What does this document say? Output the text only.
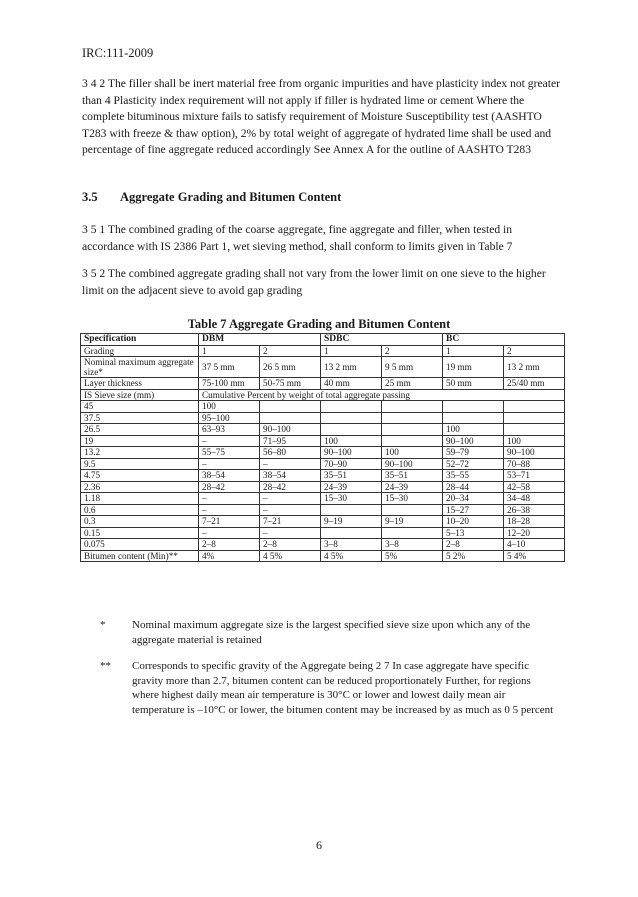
IRC:111-2009
3 4 2 The filler shall be inert material free from organic impurities and have plasticity index not greater than 4 Plasticity index requirement will not apply if filler is hydrated lime or cement Where the complete bituminous mixture fails to satisfy requirement of Moisture Susceptibility test (AASHTO T283 with freeze & thaw option), 2% by total weight of aggregate of hydrated lime shall be used and percentage of fine aggregate reduced accordingly See Annex A for the outline of AASHTO T283
3.5 Aggregate Grading and Bitumen Content
3 5 1 The combined grading of the coarse aggregate, fine aggregate and filler, when tested in accordance with IS 2386 Part 1, wet sieving method, shall conform to limits given in Table 7
3 5 2 The combined aggregate grading shall not vary from the lower limit on one sieve to the higher limit on the adjacent sieve to avoid gap grading
Table 7 Aggregate Grading and Bitumen Content
Specification	DBM		SDBC		BC	
Grading	1	2	1	2	1	2
Nominal maximum aggregate size*	37 5 mm	26 5 mm	13 2 mm	9 5 mm	19 mm	13 2 mm
Layer thickness	75-100 mm	50-75 mm	40 mm	25 mm	50 mm	25/40 mm
IS Sieve size (mm)	Cumulative Percent by weight of total aggregate passing					
45	100					
37.5	95–100					
26.5	63–93	90–100			100	
19	–	71–95	100		90–100	100
13.2	55–75	56–80	90–100	100	59–79	90–100
9.5	–	–	70–90	90–100	52–72	70–88
4.75	38–54	38–54	35–51	35–51	35–55	53–71
2.36	28–42	28–42	24–39	24–39	28–44	42–58
1.18	–	–	15–30	15–30	20–34	34–48
0.6	–	–			15–27	26–38
0.3	7–21	7–21	9–19	9–19	10–20	18–28
0.15	–	–			5–13	12–20
0.075	2–8	2–8	3–8	3–8	2–8	4–10
Bitumen content (Min)**	4%	4 5%	4 5%	5%	5 2%	5 4%
*	Nominal maximum aggregate size is the largest specified sieve size upon which any of the aggregate material is retained
**	Corresponds to specific gravity of the Aggregate being 2 7 In case aggregate have specific gravity more than 2.7, bitumen content can be reduced proportionately Further, for regions where highest daily mean air temperature is 30°C or lower and lowest daily mean air temperature is –10°C or lower, the bitumen content may be increased by as much as 0 5 percent
6
